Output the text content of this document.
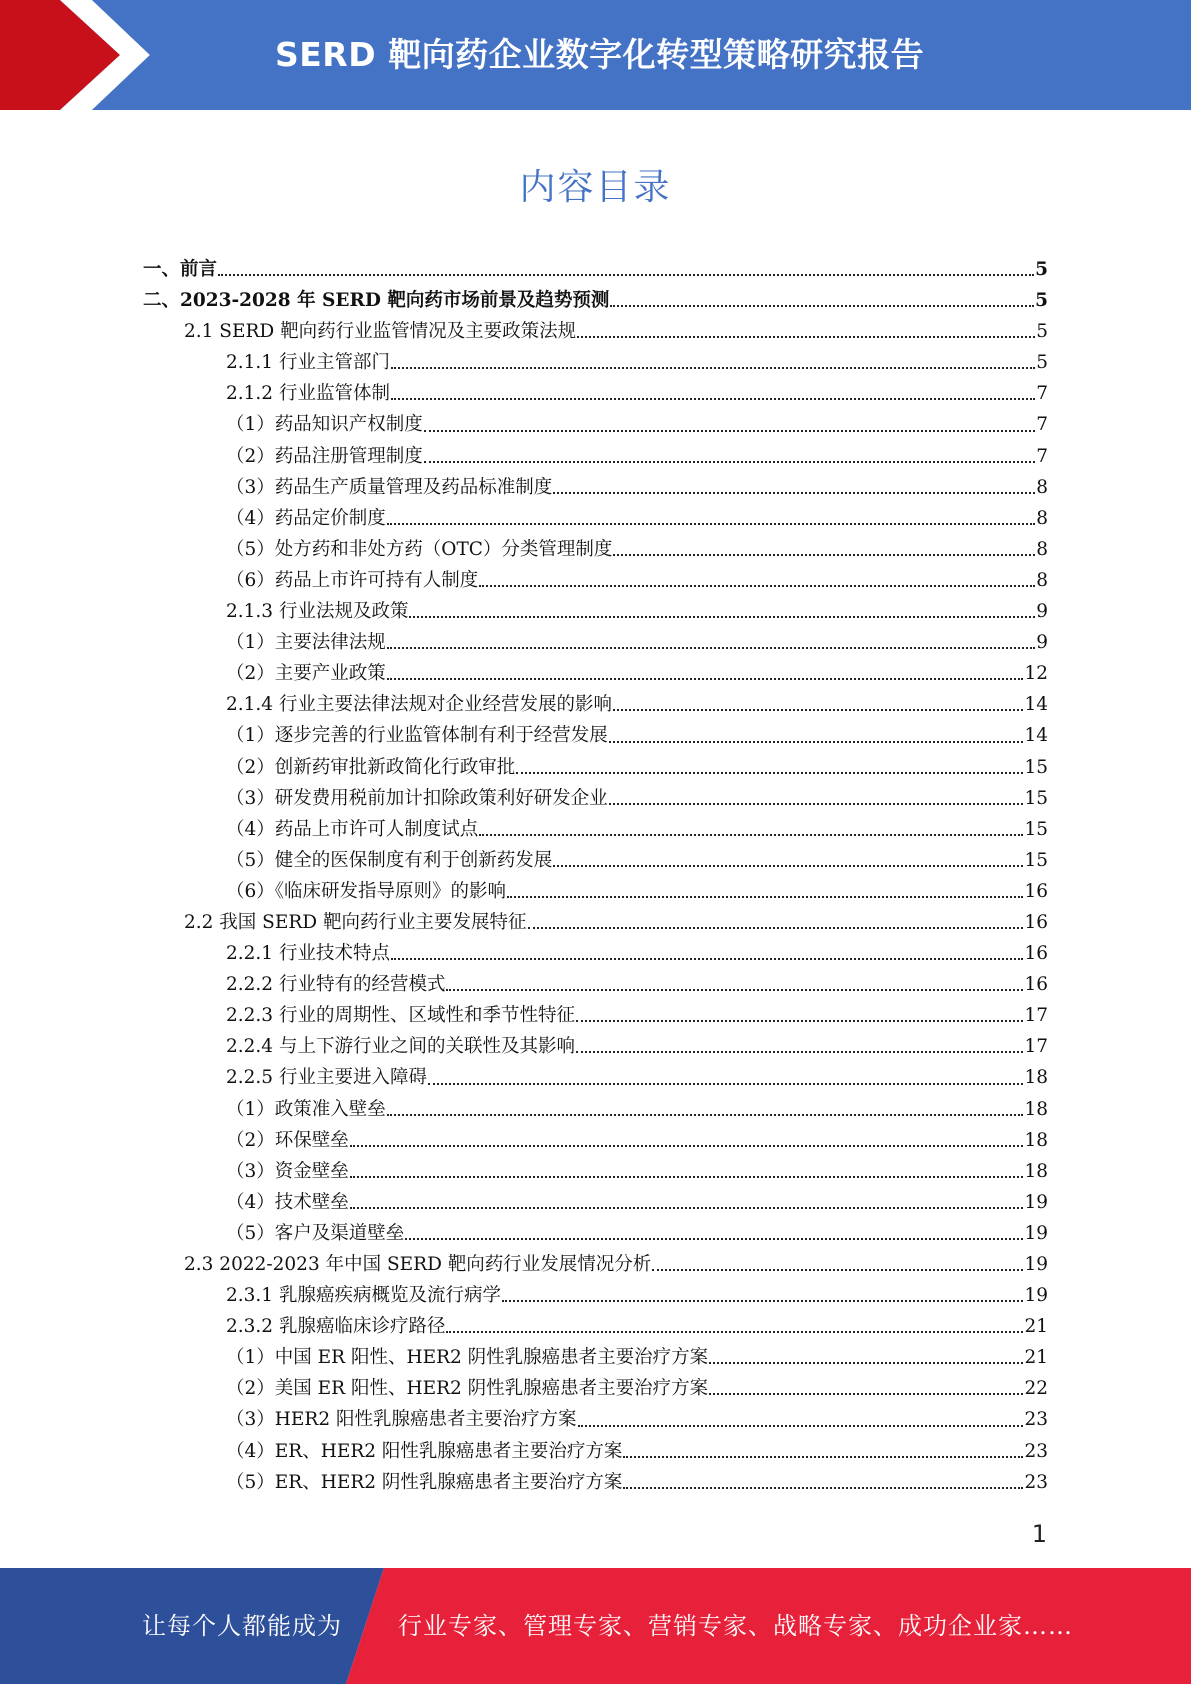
SERD 靶向药企业数字化转型策略研究报告
内容目录
一、前言	5
二、2023-2028 年 SERD 靶向药市场前景及趋势预测	5
2.1 SERD 靶向药行业监管情况及主要政策法规	5
2.1.1 行业主管部门	5
2.1.2 行业监管体制	7
（1）药品知识产权制度	7
（2）药品注册管理制度	7
（3）药品生产质量管理及药品标准制度	8
（4）药品定价制度	8
（5）处方药和非处方药（OTC）分类管理制度	8
（6）药品上市许可持有人制度	8
2.1.3 行业法规及政策	9
（1）主要法律法规	9
（2）主要产业政策	12
2.1.4 行业主要法律法规对企业经营发展的影响	14
（1）逐步完善的行业监管体制有利于经营发展	14
（2）创新药审批新政简化行政审批	15
（3）研发费用税前加计扣除政策利好研发企业	15
（4）药品上市许可人制度试点	15
（5）健全的医保制度有利于创新药发展	15
（6）《临床研发指导原则》的影响	16
2.2 我国 SERD 靶向药行业主要发展特征	16
2.2.1 行业技术特点	16
2.2.2 行业特有的经营模式	16
2.2.3 行业的周期性、区域性和季节性特征	17
2.2.4 与上下游行业之间的关联性及其影响	17
2.2.5 行业主要进入障碍	18
（1）政策准入壁垒	18
（2）环保壁垒	18
（3）资金壁垒	18
（4）技术壁垒	19
（5）客户及渠道壁垒	19
2.3 2022-2023 年中国 SERD 靶向药行业发展情况分析	19
2.3.1 乳腺癌疾病概览及流行病学	19
2.3.2 乳腺癌临床诊疗路径	21
（1）中国 ER 阳性、HER2 阴性乳腺癌患者主要治疗方案	21
（2）美国 ER 阳性、HER2 阴性乳腺癌患者主要治疗方案	22
（3）HER2 阳性乳腺癌患者主要治疗方案	23
（4）ER、HER2 阳性乳腺癌患者主要治疗方案	23
（5）ER、HER2 阴性乳腺癌患者主要治疗方案	23
1
让每个人都能成为 行业专家、管理专家、营销专家、战略专家、成功企业家……
